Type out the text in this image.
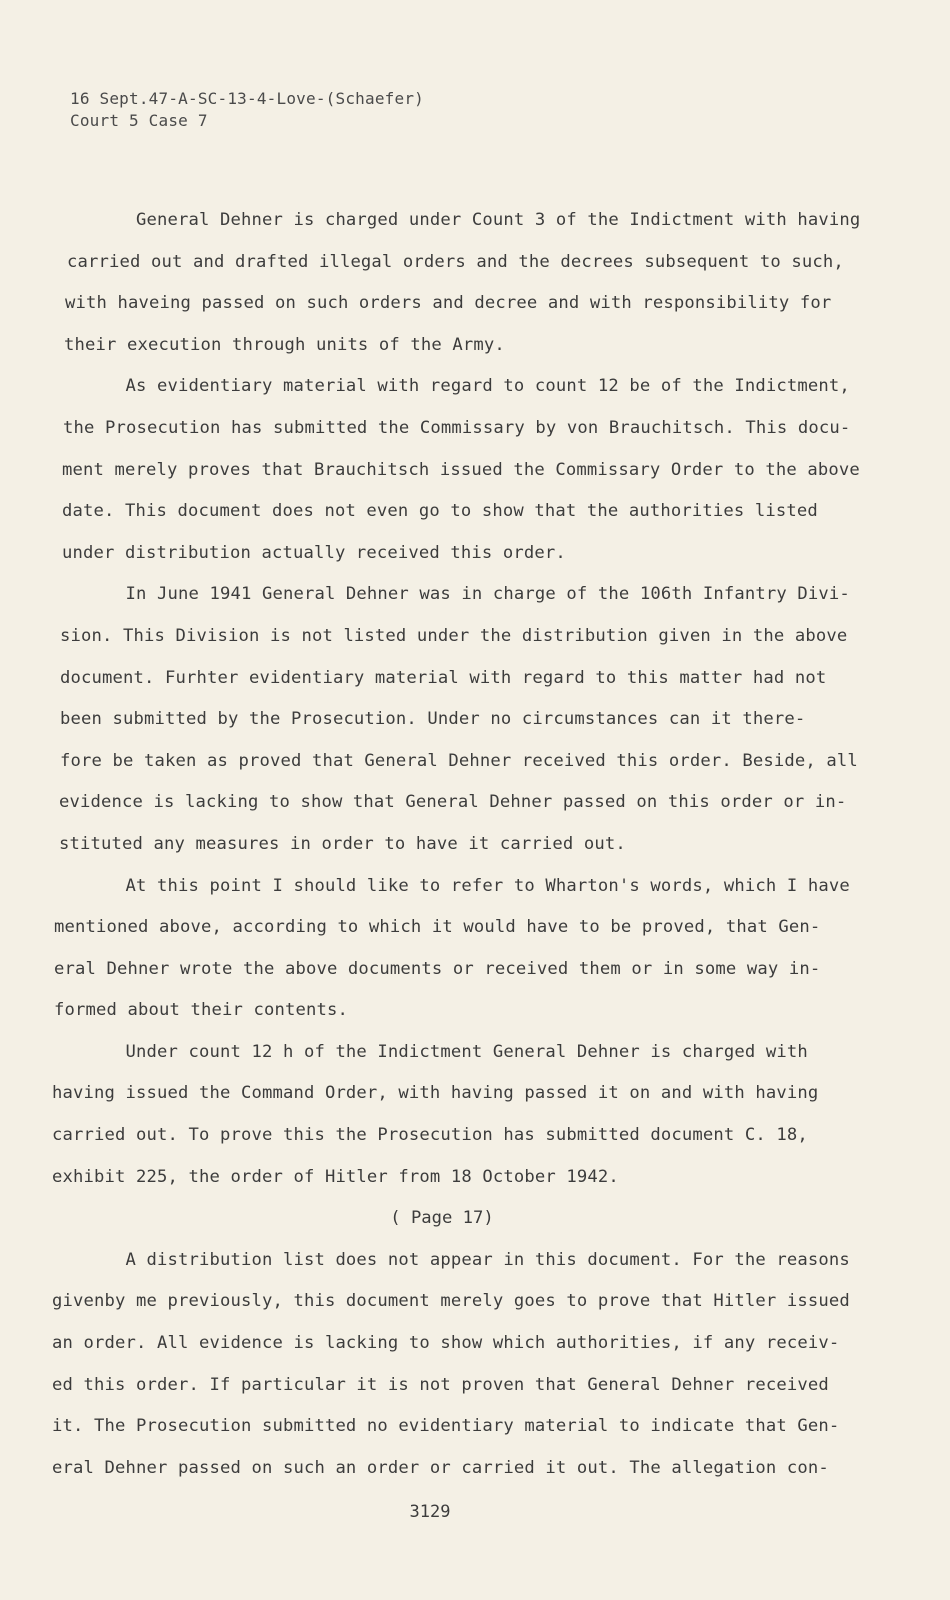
16 Sept.47-A-SC-13-4-Love-(Schaefer)
Court 5 Case 7
General Dehner is charged under Count 3 of the Indictment with having
carried out and drafted illegal orders and the decrees subsequent to such,
with haveing passed on such orders and decree and with responsibility for
their execution through units of the Army.
As evidentiary material with regard to count 12 be of the Indictment,
the Prosecution has submitted the Commissary by von Brauchitsch. This docu-
ment merely proves that Brauchitsch issued the Commissary Order to the above
date. This document does not even go to show that the authorities listed
under distribution actually received this order.
In June 1941 General Dehner was in charge of the 106th Infantry Divi-
sion. This Division is not listed under the distribution given in the above
document. Furhter evidentiary material with regard to this matter had not
been submitted by the Prosecution. Under no circumstances can it there-
fore be taken as proved that General Dehner received this order. Beside, all
evidence is lacking to show that General Dehner passed on this order or in-
stituted any measures in order to have it carried out.
At this point I should like to refer to Wharton's words, which I have
mentioned above, according to which it would have to be proved, that Gen-
eral Dehner wrote the above documents or received them or in some way in-
formed about their contents.
Under count 12 h of the Indictment General Dehner is charged with
having issued the Command Order, with having passed it on and with having
carried out. To prove this the Prosecution has submitted document C. 18,
exhibit 225, the order of Hitler from 18 October 1942.
( Page 17)
A distribution list does not appear in this document. For the reasons
givenby me previously, this document merely goes to prove that Hitler issued
an order. All evidence is lacking to show which authorities, if any receiv-
ed this order. If particular it is not proven that General Dehner received
it. The Prosecution submitted no evidentiary material to indicate that Gen-
eral Dehner passed on such an order or carried it out. The allegation con-
3129
